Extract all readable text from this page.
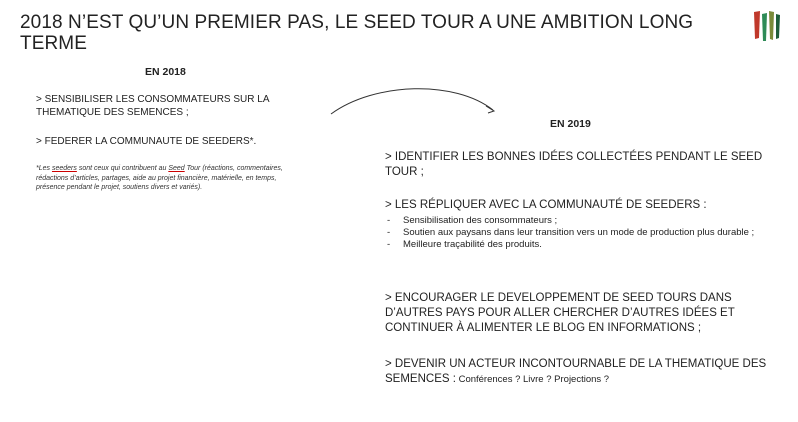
2018 N’EST QU’UN PREMIER PAS, LE SEED TOUR A UNE AMBITION LONG TERME
EN 2018
> SENSIBILISER LES CONSOMMATEURS SUR LA THEMATIQUE DES SEMENCES ;
> FEDERER LA COMMUNAUTE DE SEEDERS*.
*Les seeders sont ceux qui contribuent au Seed Tour (réactions, commentaires, rédactions d’articles, partages, aide au projet financière, matérielle, en temps, présence pendant le projet, soutiens divers et variés).
EN 2019
> IDENTIFIER LES BONNES IDÉES COLLECTÉES PENDANT LE SEED TOUR ;
> LES RÉPLIQUER AVEC LA COMMUNAUTÉ DE SEEDERS :
- Sensibilisation des consommateurs ;
- Soutien aux paysans dans leur transition vers un mode de production plus durable ;
- Meilleure traçabilité des produits.
> ENCOURAGER LE DEVELOPPEMENT DE SEED TOURS DANS D’AUTRES PAYS POUR ALLER CHERCHER D’AUTRES IDÉES ET CONTINUER À ALIMENTER LE BLOG EN INFORMATIONS ;
> DEVENIR UN ACTEUR INCONTOURNABLE DE LA THEMATIQUE DES SEMENCES : Conférences ? Livre ? Projections ?
